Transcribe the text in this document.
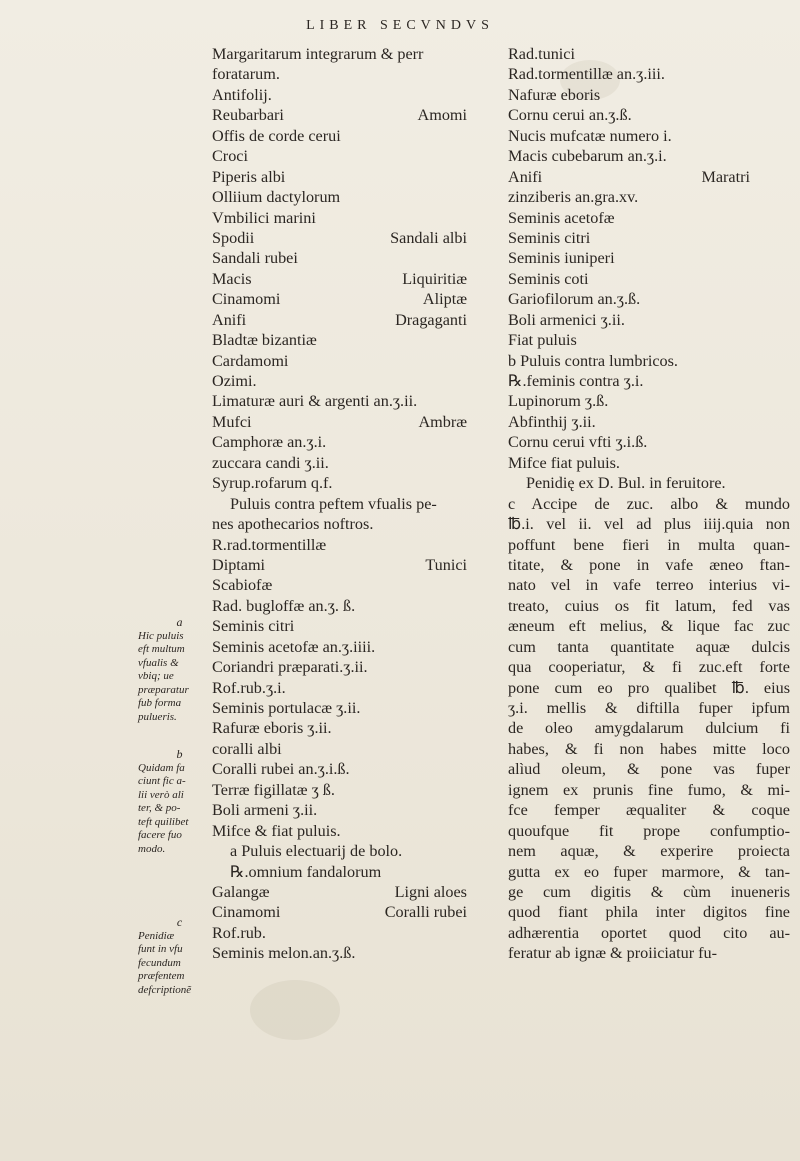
LIBER SECVNDVS
Margaritarum integrarum & perr
foratarum.
Antifolij.
Reubarbari	Amomi
Offis de corde cerui
Croci
Piperis albi
Olliium dactylorum
Vmbilici marini
Spodii	Sandali albi
Sandali rubei
Macis	Liquiritiæ
Cinamomi	Aliptæ
Anifi	Dragaganti
Bladtæ bizantiæ
Cardamomi
Ozimi.
Limaturæ auri & argenti an.ʒ.ii.
Mufci	Ambræ
Camphoræ an.ʒ.i.
zuccara candi ʒ.ii.
Syrup.rofarum q.f.
Puluis contra peftem vfualis pe-
nes apothecarios noftros.
R.rad.tormentillæ
Diptami	Tunici
Scabiofæ
Rad. bugloffæ an.ʒ. ß.
Seminis citri
Seminis acetofæ an.ʒ.iiii.
Coriandri præparati.ʒ.ii.
Rof.rub.ʒ.i.
Seminis portulacæ ʒ.ii.
Rafuræ eboris ʒ.ii.
coralli albi
Coralli rubei an.ʒ.i.ß.
Terræ figillatæ ʒ ß.
Boli armeni ʒ.ii.
Mifce & fiat puluis.
a Puluis electuarij de bolo.
℞.omnium fandalorum
Galangæ	Ligni aloes
Cinamomi	Coralli rubei
Rof.rub.
Seminis melon.an.ʒ.ß.
Rad.tunici
Rad.tormentillæ an.ʒ.iii.
Nafuræ eboris
Cornu cerui an.ʒ.ß.
Nucis mufcatæ numero i.
Macis cubebarum an.ʒ.i.
Anifi	Maratri
zinziberis an.gra.xv.
Seminis acetofæ
Seminis citri
Seminis iuniperi
Seminis coti
Gariofilorum an.ʒ.ß.
Boli armenici ʒ.ii.
Fiat puluis
b Puluis contra lumbricos.
℞.feminis contra ʒ.i.
Lupinorum ʒ.ß.
Abfinthij ʒ.ii.
Cornu cerui vfti ʒ.i.ß.
Mifce fiat puluis.
Penidię ex D. Bul. in feruitore.
c Accipe de zuc. albo & mundo
℔.i. vel ii. vel ad plus iiij.quia non
poffunt bene fieri in multa quan-
titate, & pone in vafe æneo ftan-
nato vel in vafe terreo interius vi-
treato, cuius os fit latum, fed vas
æneum eft melius, & lique fac zuc
cum tanta quantitate aquæ dulcis
qua cooperiatur, & fi zuc.eft forte
pone cum eo pro qualibet ℔. eius
ʒ.i. mellis & diftilla fuper ipfum
de oleo amygdalarum dulcium fi
habes, & fi non habes mitte loco
alìud oleum, & pone vas fuper
ignem ex prunis fine fumo, & mi-
fce femper æqualiter & coque
quoufque fit prope confumptio-
nem aquæ, & experire proiecta
gutta ex eo fuper marmore, & tan-
ge cum digitis & cùm inueneris
quod fiant phila inter digitos fine
adhærentia oportet quod cito au-
feratur ab ignæ & proiiciatur fu-
a
Hic puluis
eft multum
vfualis &
vbiq; ue
præparatur
fub forma
pulueris.
b
Quidam fa
ciunt fic a-
lii verò ali
ter, & po-
teft quilibet
facere fuo
modo.
c
Penidiæ
funt in vfu
fecundum
præfentem
defcriptionẽ
